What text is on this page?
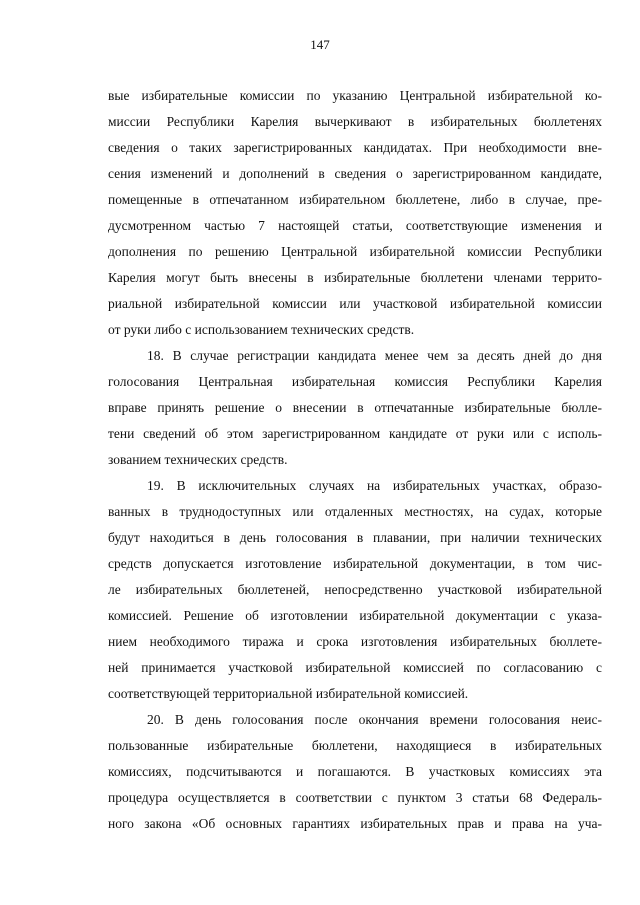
147
вые избирательные комиссии по указанию Центральной избирательной ко-
миссии Республики Карелия вычеркивают в избирательных бюллетенях
сведения о таких зарегистрированных кандидатах. При необходимости вне-
сения изменений и дополнений в сведения о зарегистрированном кандидате,
помещенные в отпечатанном избирательном бюллетене, либо в случае, пре-
дусмотренном частью 7 настоящей статьи, соответствующие изменения и
дополнения по решению Центральной избирательной комиссии Республики
Карелия могут быть внесены в избирательные бюллетени членами террито-
риальной избирательной комиссии или участковой избирательной комиссии
от руки либо с использованием технических средств.
18. В случае регистрации кандидата менее чем за десять дней до дня
голосования Центральная избирательная комиссия Республики Карелия
вправе принять решение о внесении в отпечатанные избирательные бюлле-
тени сведений об этом зарегистрированном кандидате от руки или с исполь-
зованием технических средств.
19. В исключительных случаях на избирательных участках, образо-
ванных в труднодоступных или отдаленных местностях, на судах, которые
будут находиться в день голосования в плавании, при наличии технических
средств допускается изготовление избирательной документации, в том чис-
ле избирательных бюллетеней, непосредственно участковой избирательной
комиссией. Решение об изготовлении избирательной документации с указа-
нием необходимого тиража и срока изготовления избирательных бюллете-
ней принимается участковой избирательной комиссией по согласованию с
соответствующей территориальной избирательной комиссией.
20. В день голосования после окончания времени голосования неис-
пользованные избирательные бюллетени, находящиеся в избирательных
комиссиях, подсчитываются и погашаются. В участковых комиссиях эта
процедура осуществляется в соответствии с пунктом 3 статьи 68 Федераль-
ного закона «Об основных гарантиях избирательных прав и права на уча-
